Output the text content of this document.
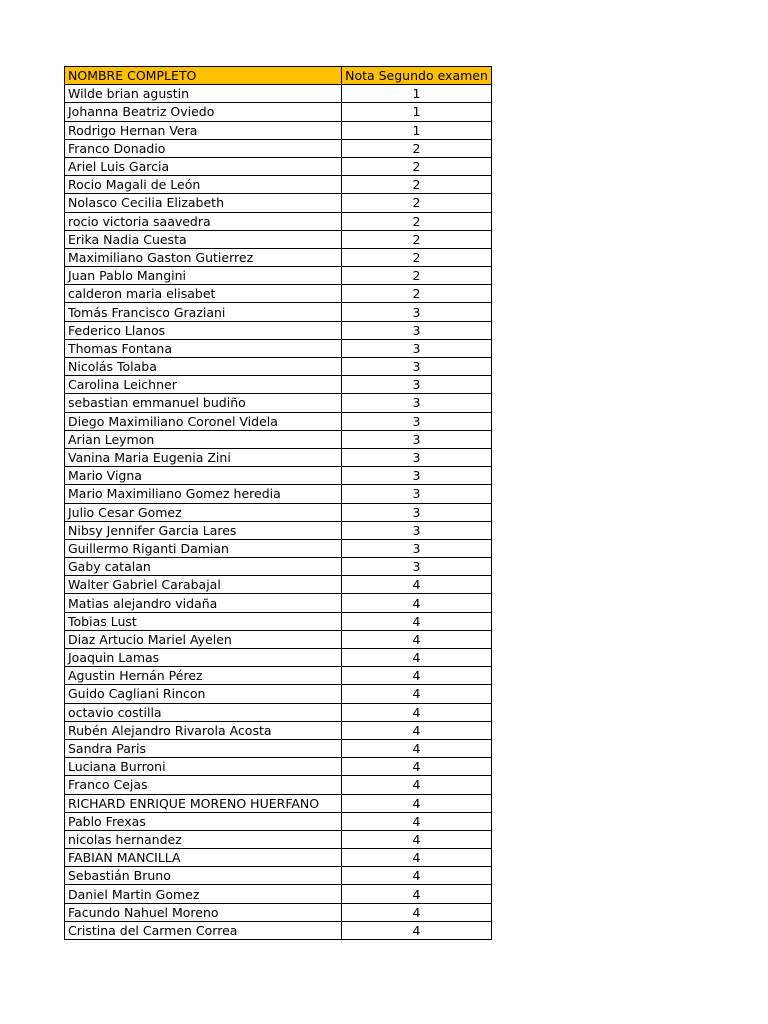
NOMBRE COMPLETO	Nota Segundo examen
Wilde brian agustin	1
Johanna Beatriz Oviedo	1
Rodrigo Hernan Vera	1
Franco Donadio	2
Ariel Luis Garcia	2
Rocio Magali de León	2
Nolasco Cecilia Elizabeth	2
rocio victoria saavedra	2
Erika Nadia Cuesta	2
Maximiliano Gaston Gutierrez	2
Juan Pablo Mangini	2
calderon maria elisabet	2
Tomás Francisco Graziani	3
Federico Llanos	3
Thomas Fontana	3
Nicolás Tolaba	3
Carolina Leichner	3
sebastian emmanuel budiño	3
Diego Maximiliano Coronel Videla	3
Arian Leymon	3
Vanina Maria Eugenia Zini	3
Mario Vigna	3
Mario Maximiliano Gomez heredia	3
Julio Cesar Gomez	3
Nibsy Jennifer Garcia Lares	3
Guillermo Riganti Damian	3
Gaby catalan	3
Walter Gabriel Carabajal	4
Matias alejandro vidaña	4
Tobias Lust	4
Diaz Artucio Mariel Ayelen	4
Joaquin Lamas	4
Agustin Hernán Pérez	4
Guido Cagliani Rincon	4
octavio costilla	4
Rubén Alejandro Rivarola Acosta	4
Sandra Paris	4
Luciana Burroni	4
Franco Cejas	4
RICHARD ENRIQUE MORENO HUERFANO	4
Pablo Frexas	4
nicolas hernandez	4
FABIAN MANCILLA	4
Sebastián Bruno	4
Daniel Martin Gomez	4
Facundo Nahuel Moreno	4
Cristina del Carmen Correa	4
